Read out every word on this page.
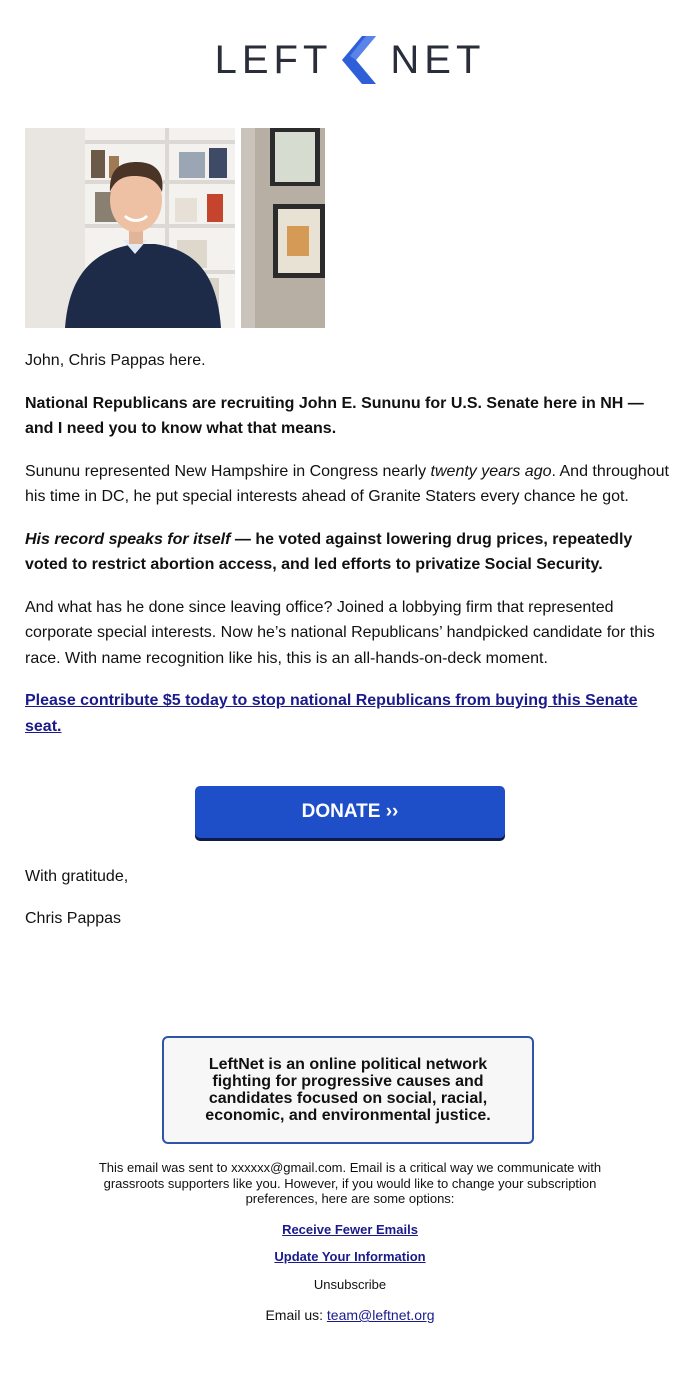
LEFT NET

John, Chris Pappas here.

National Republicans are recruiting John E. Sununu for U.S. Senate here in NH — and I need you to know what that means.

Sununu represented New Hampshire in Congress nearly twenty years ago. And throughout his time in DC, he put special interests ahead of Granite Staters every chance he got.

His record speaks for itself — he voted against lowering drug prices, repeatedly voted to restrict abortion access, and led efforts to privatize Social Security.

And what has he done since leaving office? Joined a lobbying firm that represented corporate special interests. Now he’s national Republicans’ handpicked candidate for this race. With name recognition like his, this is an all-hands-on-deck moment.

Please contribute $5 today to stop national Republicans from buying this Senate seat.

DONATE ››

With gratitude,

Chris Pappas

LeftNet is an online political network fighting for progressive causes and candidates focused on social, racial, economic, and environmental justice.
This email was sent to xxxxxx@gmail.com. Email is a critical way we communicate with grassroots supporters like you. However, if you would like to change your subscription preferences, here are some options:
Receive Fewer Emails
Update Your Information
Unsubscribe
Email us: team@leftnet.org
